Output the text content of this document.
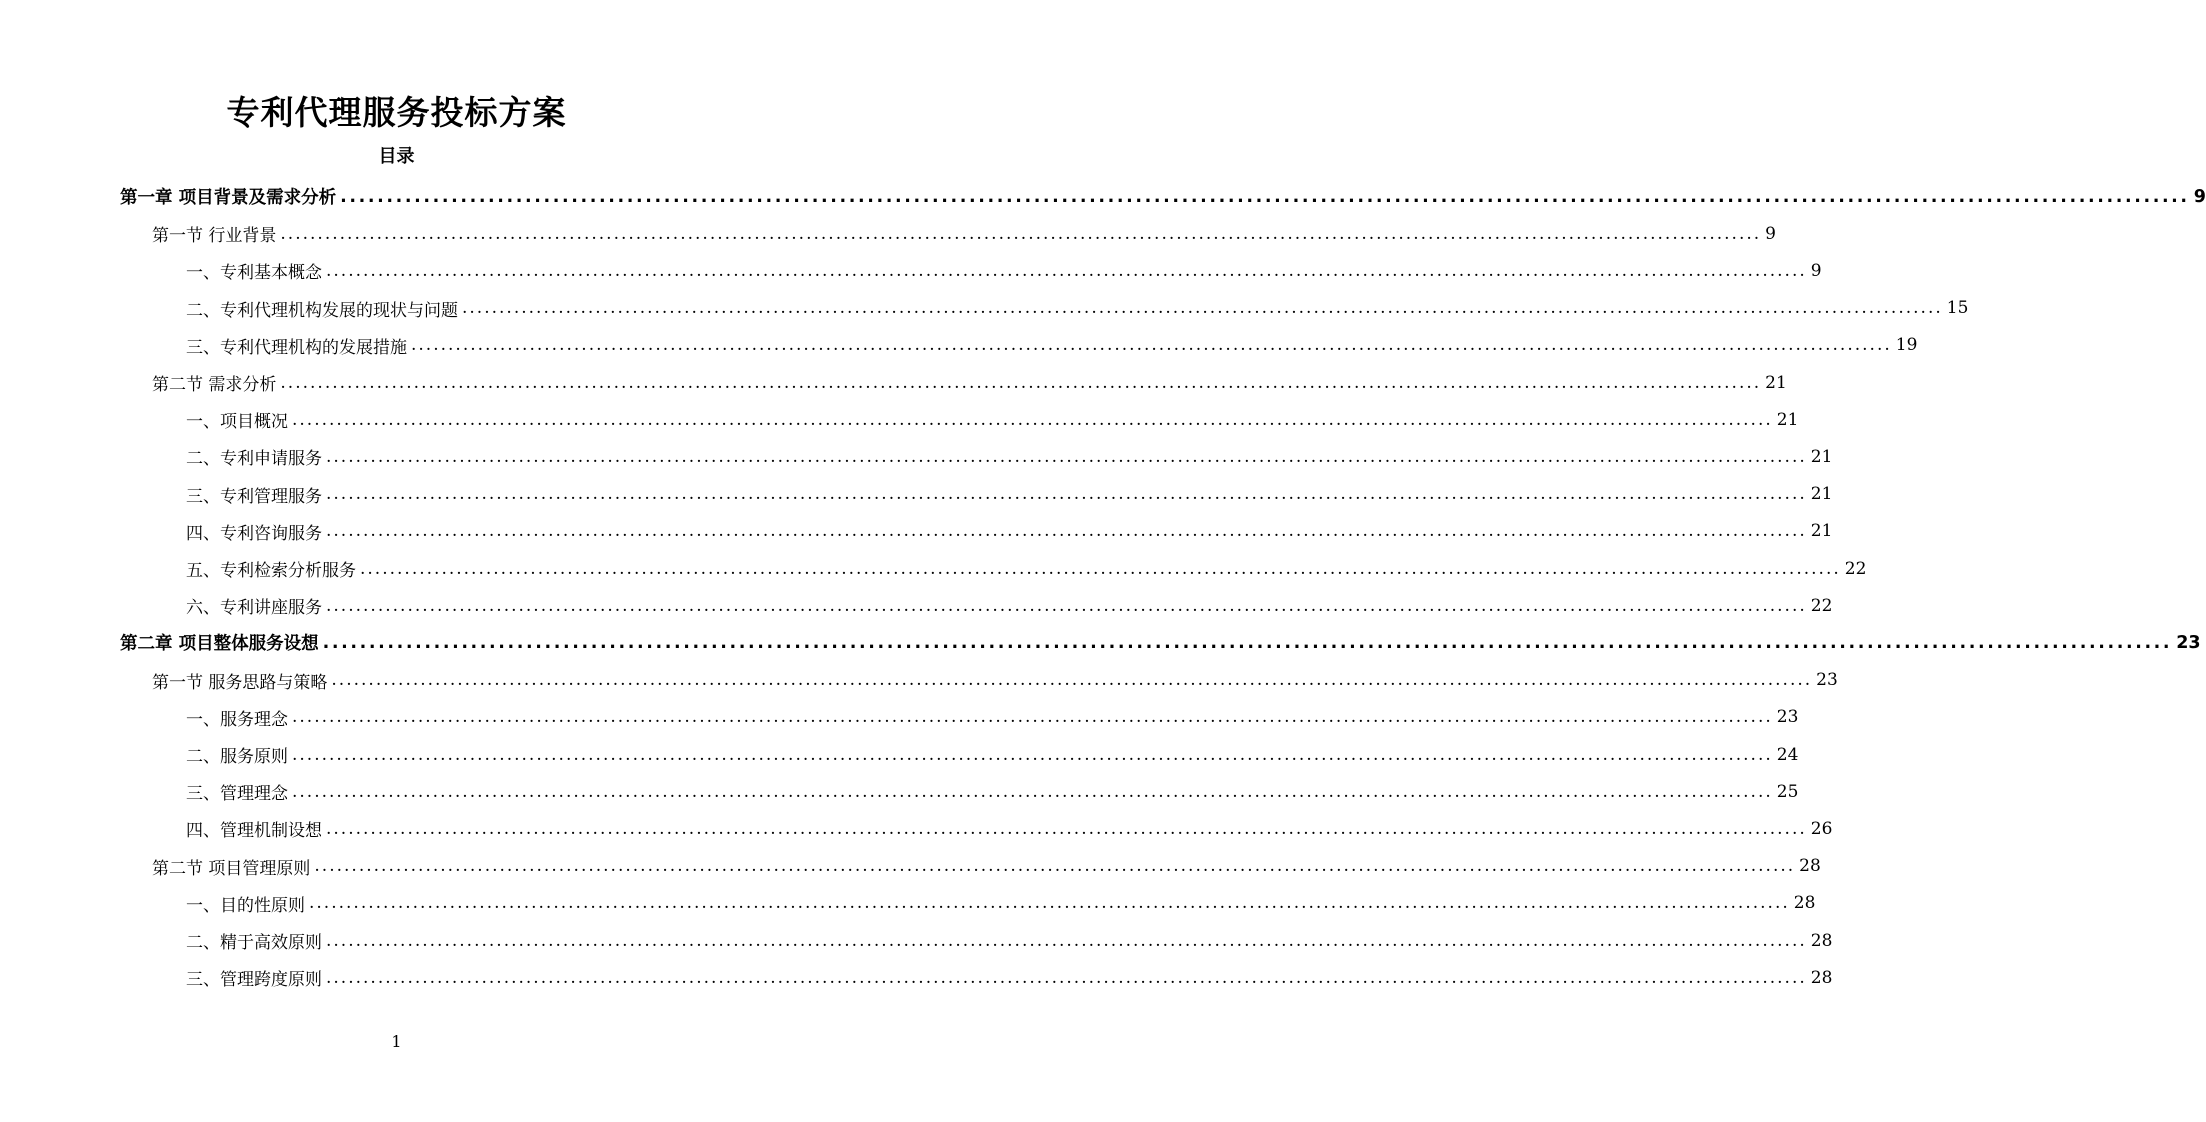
专利代理服务投标方案
目录
第一章 项目背景及需求分析 ........................................................................................................................................................................................................ 9
第一节 行业背景 ........................................................................................................................................................................................................ 9
一、专利基本概念 ........................................................................................................................................................................................................ 9
二、专利代理机构发展的现状与问题 ........................................................................................................................................................................................................ 15
三、专利代理机构的发展措施 ........................................................................................................................................................................................................ 19
第二节 需求分析 ........................................................................................................................................................................................................ 21
一、项目概况 ........................................................................................................................................................................................................ 21
二、专利申请服务 ........................................................................................................................................................................................................ 21
三、专利管理服务 ........................................................................................................................................................................................................ 21
四、专利咨询服务 ........................................................................................................................................................................................................ 21
五、专利检索分析服务 ........................................................................................................................................................................................................ 22
六、专利讲座服务 ........................................................................................................................................................................................................ 22
第二章 项目整体服务设想 ........................................................................................................................................................................................................ 23
第一节 服务思路与策略 ........................................................................................................................................................................................................ 23
一、服务理念 ........................................................................................................................................................................................................ 23
二、服务原则 ........................................................................................................................................................................................................ 24
三、管理理念 ........................................................................................................................................................................................................ 25
四、管理机制设想 ........................................................................................................................................................................................................ 26
第二节 项目管理原则 ........................................................................................................................................................................................................ 28
一、目的性原则 ........................................................................................................................................................................................................ 28
二、精于高效原则 ........................................................................................................................................................................................................ 28
三、管理跨度原则 ........................................................................................................................................................................................................ 28
1
